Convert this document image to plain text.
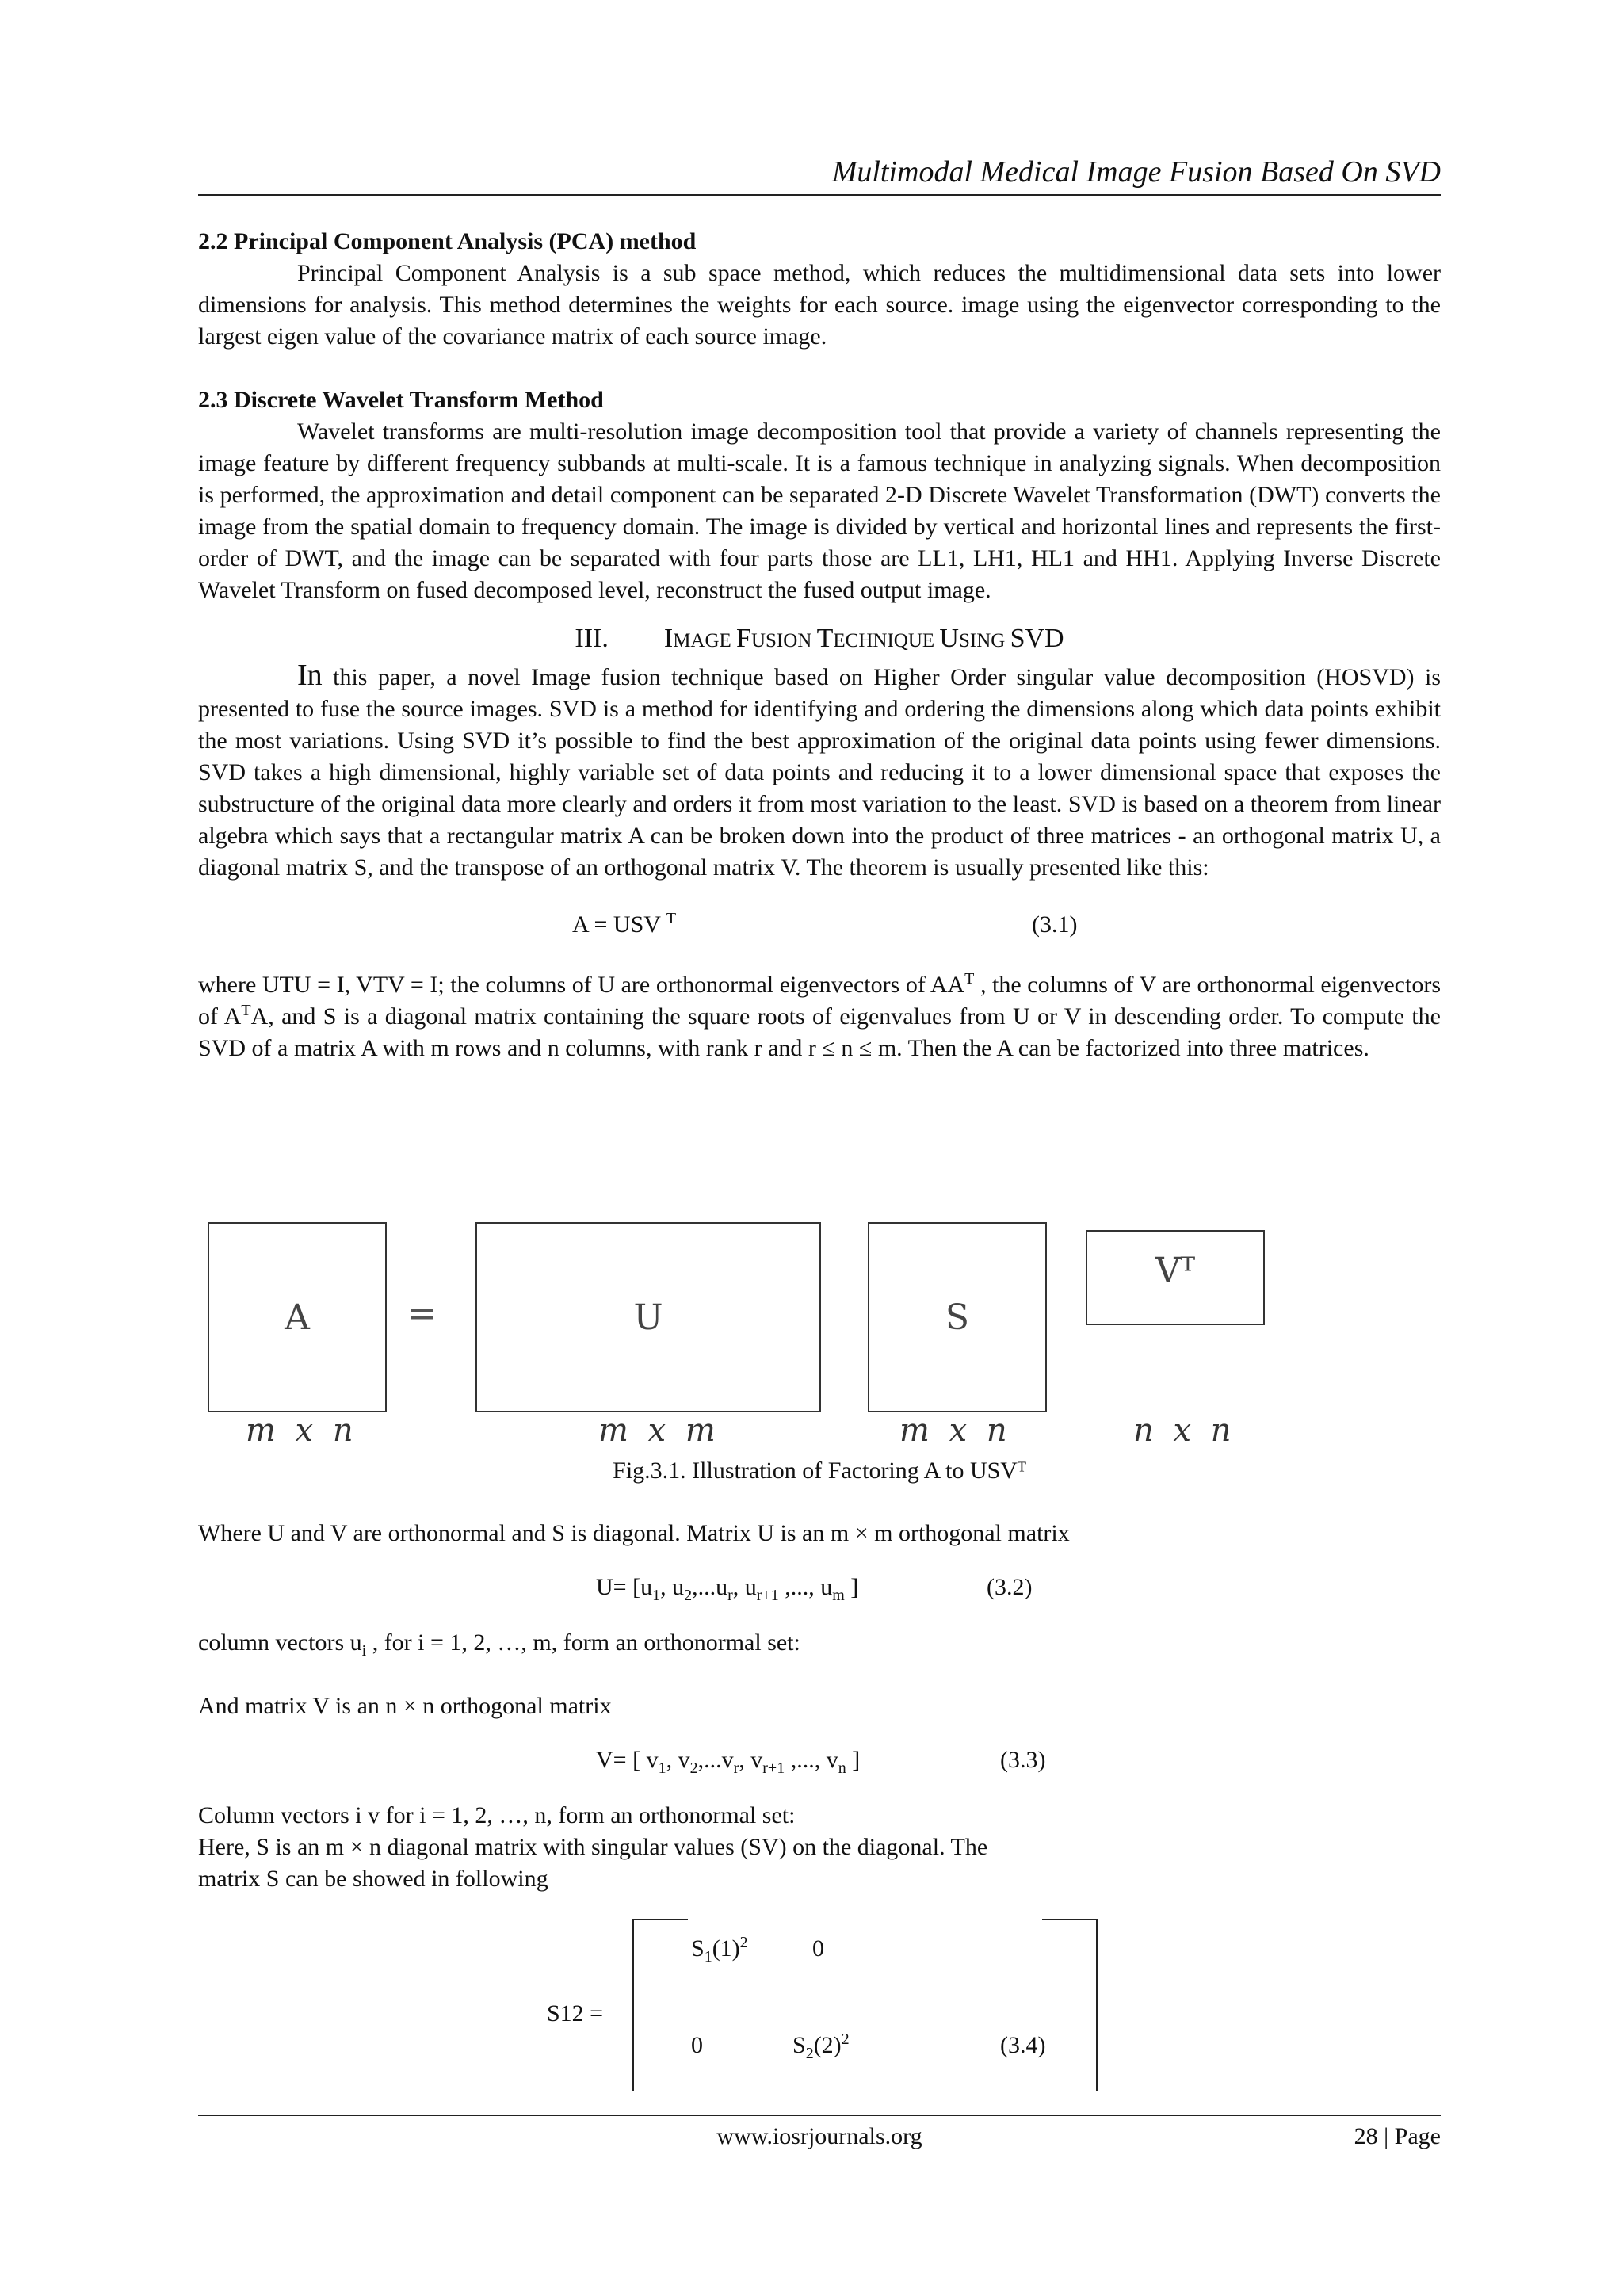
Multimodal Medical Image Fusion Based On SVD

2.2 Principal Component Analysis (PCA) method

Principal Component Analysis is a sub space method, which reduces the multidimensional data sets into lower dimensions for analysis. This method determines the weights for each source. image using the eigenvector corresponding to the largest eigen value of the covariance matrix of each source image.

2.3 Discrete Wavelet Transform Method

Wavelet transforms are multi-resolution image decomposition tool that provide a variety of channels representing the image feature by different frequency subbands at multi-scale. It is a famous technique in analyzing signals. When decomposition is performed, the approximation and detail component can be separated 2-D Discrete Wavelet Transformation (DWT) converts the image from the spatial domain to frequency domain. The image is divided by vertical and horizontal lines and represents the first-order of DWT, and the image can be separated with four parts those are LL1, LH1, HL1 and HH1. Applying Inverse Discrete Wavelet Transform on fused decomposed level, reconstruct the fused output image.

III. IMAGE FUSION TECHNIQUE USING SVD

In this paper, a novel Image fusion technique based on Higher Order singular value decomposition (HOSVD) is presented to fuse the source images. SVD is a method for identifying and ordering the dimensions along which data points exhibit the most variations. Using SVD it’s possible to find the best approximation of the original data points using fewer dimensions. SVD takes a high dimensional, highly variable set of data points and reducing it to a lower dimensional space that exposes the substructure of the original data more clearly and orders it from most variation to the least. SVD is based on a theorem from linear algebra which says that a rectangular matrix A can be broken down into the product of three matrices - an orthogonal matrix U, a diagonal matrix S, and the transpose of an orthogonal matrix V. The theorem is usually presented like this:

A = USV $^T$	(3.1)

where UTU = I, VTV = I; the columns of U are orthonormal eigenvectors of $AA^T$ , the columns of V are orthonormal eigenvectors of $A^TA$, and S is a diagonal matrix containing the square roots of eigenvalues from U or V in descending order. To compute the SVD of a matrix A with m rows and n columns, with rank r and r ≤ n ≤ m. Then the A can be factorized into three matrices.

A	=	U	S
Vᵀ
m x n	m x m	m x n	n x n
Fig.3.1. Illustration of Factoring A to USVᵀ

Where U and V are orthonormal and S is diagonal. Matrix U is an m × m orthogonal matrix

$U= [u_1$, $u_2,...u_r$, $u_{r+1}$ ,..., $u_m$ ]	(3.2)

column vectors $u_i$ , for i = 1, 2, …, m, form an orthonormal set:

And matrix V is an n × n orthogonal matrix

V= [ $v_1$, $v_2,...v_r$, $v_{r+1}$ ,..., $v_n$ ]	(3.3)

Column vectors i v for i = 1, 2, …, n, form an orthonormal set:

Here, S is an m × n diagonal matrix with singular values (SV) on the diagonal. The

matrix S can be showed in following

S12 =
$S_1(1)^2$	0
0	$S_2(2)^2$	(3.4)
www.iosrjournals.org	28 | Page
